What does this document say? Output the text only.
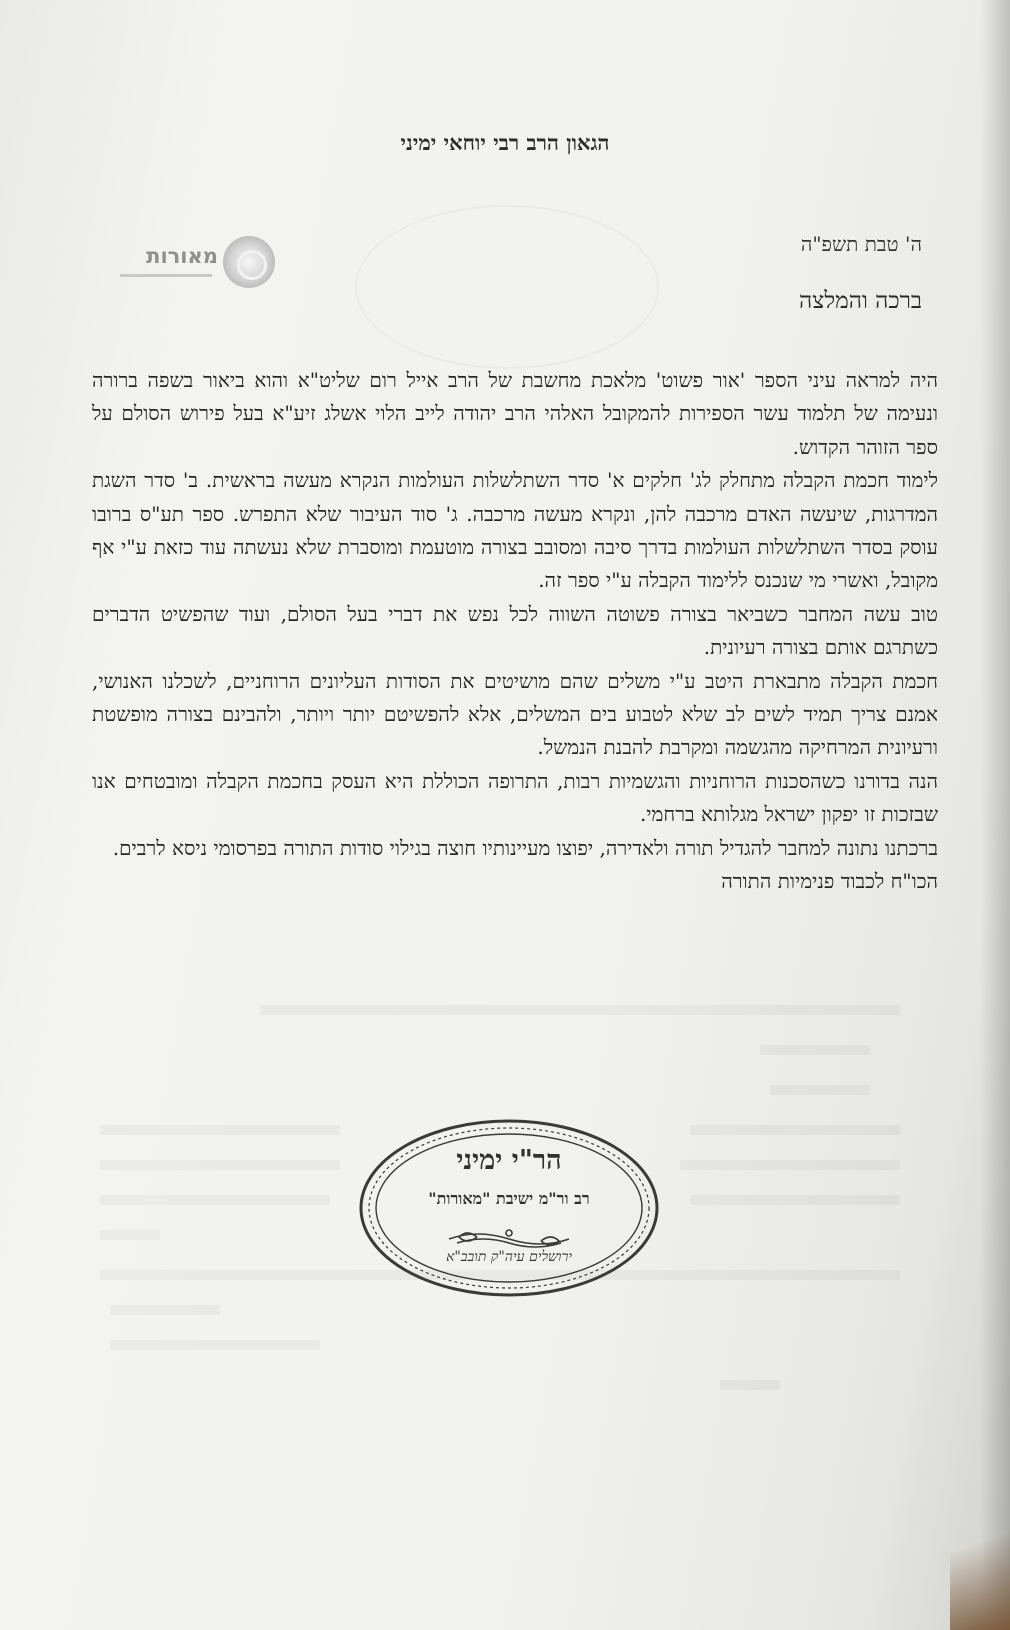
הגאון הרב רבי יוחאי ימיני
מאורות	ה' טבת תשפ"ה
ברכה והמלצה

היה למראה עיני הספר 'אור פשוט' מלאכת מחשבת של הרב אייל רום שליט"א והוא ביאור בשפה ברורה ונעימה של תלמוד עשר הספירות להמקובל האלהי הרב יהודה לייב הלוי אשלג זיע"א בעל פירוש הסולם על ספר הזוהר הקדוש.

לימוד חכמת הקבלה מתחלק לג' חלקים א' סדר השתלשלות העולמות הנקרא מעשה בראשית. ב' סדר השגת המדרגות, שיעשה האדם מרכבה להן, ונקרא מעשה מרכבה. ג' סוד העיבור שלא התפרש. ספר תע"ס ברובו עוסק בסדר השתלשלות העולמות בדרך סיבה ומסובב בצורה מוטעמת ומוסברת שלא נעשתה עוד כזאת ע"י אף מקובל, ואשרי מי שנכנס ללימוד הקבלה ע"י ספר זה.

טוב עשה המחבר כשביאר בצורה פשוטה השווה לכל נפש את דברי בעל הסולם, ועוד שהפשיט הדברים כשתרגם אותם בצורה רעיונית.

חכמת הקבלה מתבארת היטב ע"י משלים שהם מושיטים את הסודות העליונים הרוחניים, לשכלנו האנושי, אמנם צריך תמיד לשים לב שלא לטבוע בים המשלים, אלא להפשיטם יותר ויותר, ולהבינם בצורה מופשטת ורעיונית המרחיקה מהגשמה ומקרבת להבנת הנמשל.

הנה בדורנו כשהסכנות הרוחניות והגשמיות רבות, התרופה הכוללת היא העסק בחכמת הקבלה ומובטחים אנו שבזכות זו יפקון ישראל מגלותא ברחמי.

ברכתנו נתונה למחבר להגדיל תורה ולאדירה, יפוצו מעיינותיו חוצה בגילוי סודות התורה בפרסומי ניסא לרבים.

הכו"ח לכבוד פנימיות התורה

הר"י ימיני
רב ור"מ ישיבת "מאורות"
ירושלים עיה"ק תובב"א
